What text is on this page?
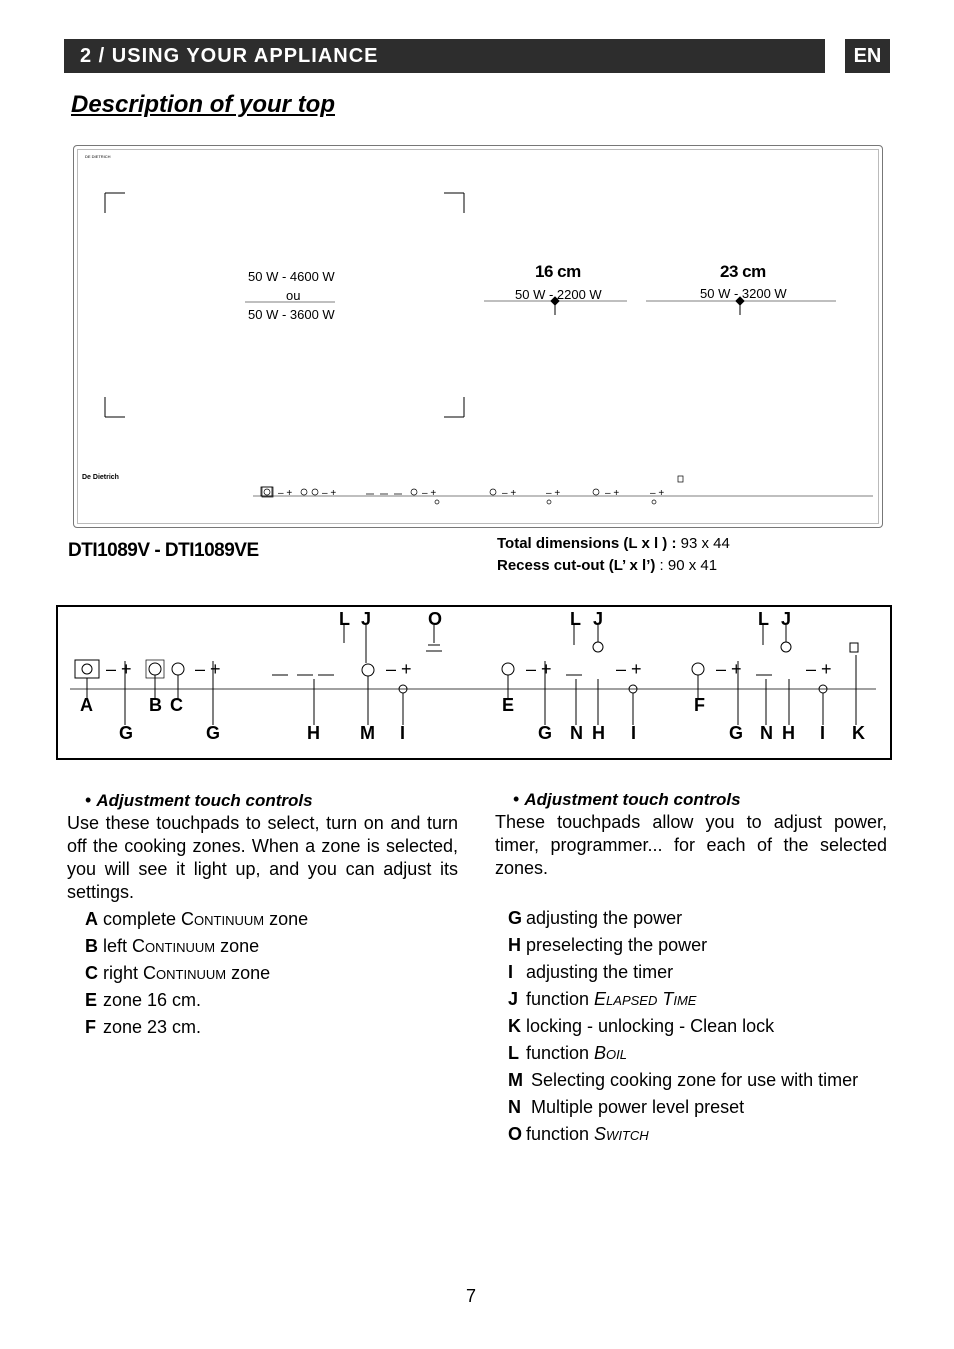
2 / USING YOUR APPLIANCE	EN
Description of your top
DE DIETRICH
50 W - 4600 W
ou
50 W - 3600 W
16 cm
50 W - 2200 W
23 cm
50 W - 3200 W
De Dietrich
– +	– +	– +	– +	– +	– +	– +
DTI1089V - DTI1089VE	Total dimensions (L x l ) : 93 x 44
Recess cut-out (L’ x l’) : 90 x 41
– +	– +	– +	– +	– +	– +	– +
L J	O	L J	L J
A	B C	E	F
G	G	H M I	G N H I	G N H I K
• Adjustment touch controls
Use these touchpads to select, turn on and turn off the cooking zones. When a zone is selected, you will see it light up, and you can adjust its settings.
A complete Continuum zone
B left Continuum zone
C right Continuum zone
E zone 16 cm.
F zone 23 cm.
• Adjustment touch controls
These touchpads allow you to adjust power, timer, programmer... for each of the selected zones.
G adjusting the power
H preselecting the power
I adjusting the timer
J function Elapsed Time
K locking - unlocking - Clean lock
L function Boil
M Selecting cooking zone for use with timer
N Multiple power level preset
O function Switch
7
